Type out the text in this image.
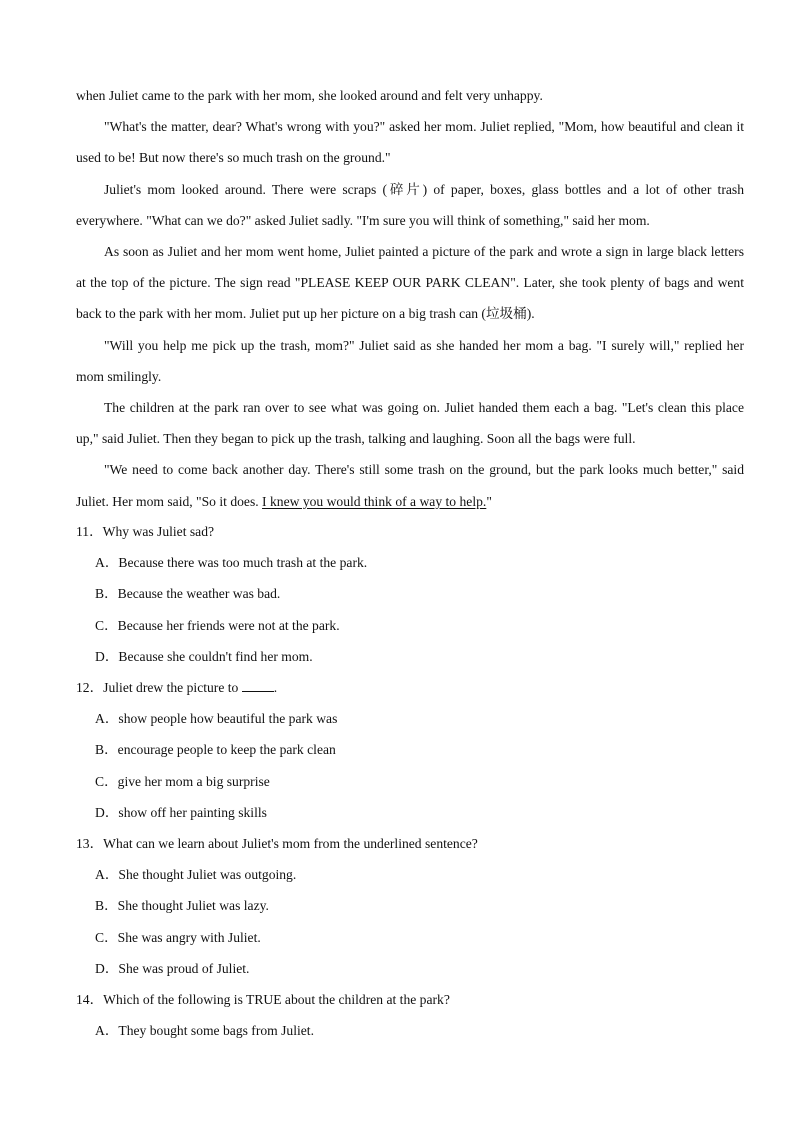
when Juliet came to the park with her mom, she looked around and felt very unhappy.

"What's the matter, dear? What's wrong with you?" asked her mom. Juliet replied, "Mom, how beautiful and clean it used to be! But now there's so much trash on the ground."

Juliet's mom looked around. There were scraps (碎片) of paper, boxes, glass bottles and a lot of other trash everywhere. "What can we do?" asked Juliet sadly. "I'm sure you will think of something," said her mom.

As soon as Juliet and her mom went home, Juliet painted a picture of the park and wrote a sign in large black letters at the top of the picture. The sign read "PLEASE KEEP OUR PARK CLEAN". Later, she took plenty of bags and went back to the park with her mom. Juliet put up her picture on a big trash can (垃圾桶).

"Will you help me pick up the trash, mom?" Juliet said as she handed her mom a bag. "I surely will," replied her mom smilingly.

The children at the park ran over to see what was going on. Juliet handed them each a bag. "Let's clean this place up," said Juliet. Then they began to pick up the trash, talking and laughing. Soon all the bags were full.

"We need to come back another day. There's still some trash on the ground, but the park looks much better," said Juliet. Her mom said, "So it does. I knew you would think of a way to help."

11．Why was Juliet sad?
A．Because there was too much trash at the park.
B．Because the weather was bad.
C．Because her friends were not at the park.
D．Because she couldn't find her mom.
12．Juliet drew the picture to .
A．show people how beautiful the park was
B．encourage people to keep the park clean
C．give her mom a big surprise
D．show off her painting skills
13．What can we learn about Juliet's mom from the underlined sentence?
A．She thought Juliet was outgoing.
B．She thought Juliet was lazy.
C．She was angry with Juliet.
D．She was proud of Juliet.
14．Which of the following is TRUE about the children at the park?
A．They bought some bags from Juliet.
